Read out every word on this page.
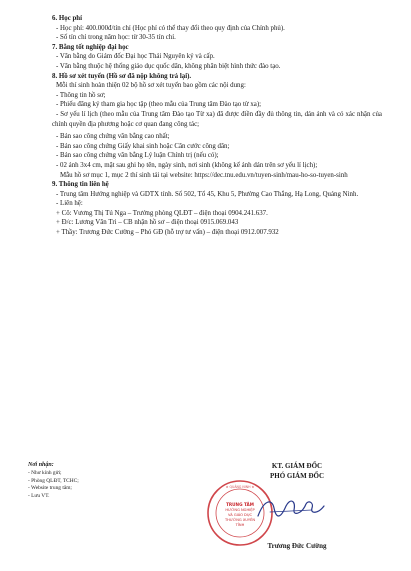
6. Học phí
- Học phí: 400.000đ/tín chỉ (Học phí có thể thay đổi theo quy định của Chính phủ).
- Số tín chỉ trong năm học: từ 30-35 tín chỉ.
7. Bằng tốt nghiệp đại học
- Văn bằng do Giám đốc Đại học Thái Nguyên ký và cấp.
- Văn bằng thuộc hệ thống giáo dục quốc dân, không phân biệt hình thức đào tạo.
8. Hồ sơ xét tuyển (Hồ sơ đã nộp không trả lại).
Mỗi thí sinh hoàn thiện 02 bộ hồ sơ xét tuyển bao gồm các nội dung:
- Thông tin hồ sơ;
- Phiếu đăng ký tham gia học tập (theo mẫu của Trung tâm Đào tạo từ xa);
- Sơ yếu lí lịch (theo mẫu của Trung tâm Đào tạo Từ xa) đã được điền đầy đủ thông tin, dán ảnh và có xác nhận của chính quyền địa phương hoặc cơ quan đang công tác;
- Bản sao công chứng văn bằng cao nhất;
- Bản sao công chứng Giấy khai sinh hoặc Căn cước công dân;
- Bản sao công chứng văn bằng Lý luận Chính trị (nếu có);
- 02 ảnh 3x4 cm, mặt sau ghi họ tên, ngày sinh, nơi sinh (không kể ảnh dán trên sơ yếu lí lịch);
Mẫu hồ sơ mục 1, mục 2 thí sinh tải tại website: https://dec.tnu.edu.vn/tuyen-sinh/mau-ho-so-tuyen-sinh
9. Thông tin liên hệ
- Trung tâm Hướng nghiệp và GDTX tỉnh. Số 502, Tổ 45, Khu 5, Phường Cao Thắng, Hạ Long, Quảng Ninh.
- Liên hệ:
+ Cô: Vương Thị Tú Nga – Trưởng phòng QLĐT – điện thoại 0904.241.637.
+ Đ/c: Lương Văn Tri – CB nhận hồ sơ – điện thoại 0915.069.043
+ Thầy: Trương Đức Cường – Phó GĐ (hỗ trợ tư vấn) – điện thoại 0912.007.932
Nơi nhận:
- Như kính gửi;
- Phòng QLĐT, TCHC;
- Website trung tâm;
- Lưu VT.
KT. GIÁM ĐỐC
PHÓ GIÁM ĐỐC
TRUNG TÂM
HƯỚNG NGHIỆP
VÀ GIÁO DỤC
THƯỜNG XUYÊN
TỈNH
★ QUẢNG NINH ★
Trương Đức Cường
